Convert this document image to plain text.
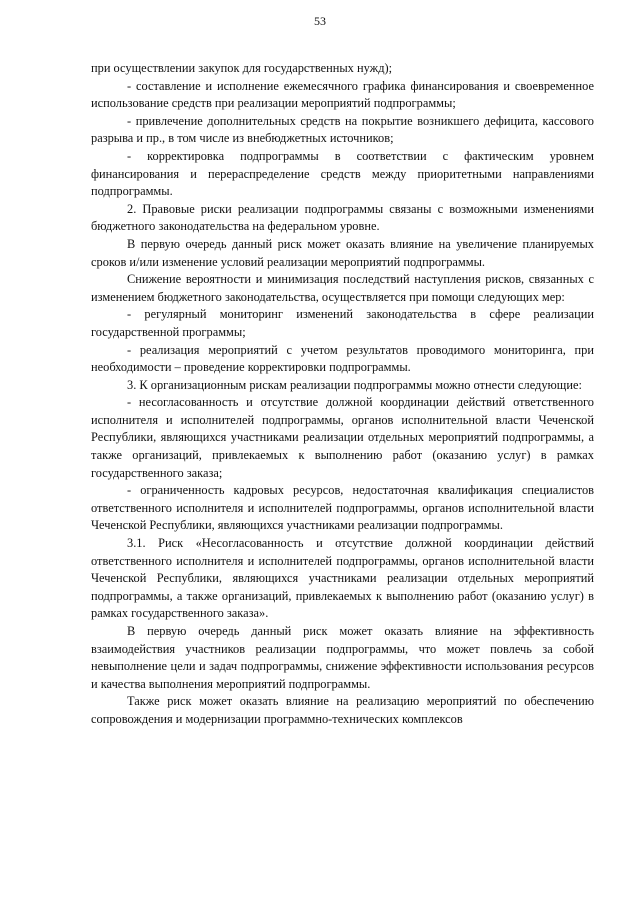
53

при осуществлении закупок для государственных нужд);

- составление и исполнение ежемесячного графика финансирования и своевременное использование средств при реализации мероприятий подпрограммы;

- привлечение дополнительных средств на покрытие возникшего дефицита, кассового разрыва и пр., в том числе из внебюджетных источников;

- корректировка подпрограммы в соответствии с фактическим уровнем финансирования и перераспределение средств между приоритетными направлениями подпрограммы.

2. Правовые риски реализации подпрограммы связаны с возможными изменениями бюджетного законодательства на федеральном уровне.

В первую очередь данный риск может оказать влияние на увеличение планируемых сроков и/или изменение условий реализации мероприятий подпрограммы.

Снижение вероятности и минимизация последствий наступления рисков, связанных с изменением бюджетного законодательства, осуществляется при помощи следующих мер:

- регулярный мониторинг изменений законодательства в сфере реализации государственной программы;

- реализация мероприятий с учетом результатов проводимого мониторинга, при необходимости – проведение корректировки подпрограммы.

3. К организационным рискам реализации подпрограммы можно отнести следующие:

- несогласованность и отсутствие должной координации действий ответственного исполнителя и исполнителей подпрограммы, органов исполнительной власти Чеченской Республики, являющихся участниками реализации отдельных мероприятий подпрограммы, а также организаций, привлекаемых к выполнению работ (оказанию услуг) в рамках государственного заказа;

- ограниченность кадровых ресурсов, недостаточная квалификация специалистов ответственного исполнителя и исполнителей подпрограммы, органов исполнительной власти Чеченской Республики, являющихся участниками реализации подпрограммы.

3.1. Риск «Несогласованность и отсутствие должной координации действий ответственного исполнителя и исполнителей подпрограммы, органов исполнительной власти Чеченской Республики, являющихся участниками реализации отдельных мероприятий подпрограммы, а также организаций, привлекаемых к выполнению работ (оказанию услуг) в рамках государственного заказа».

В первую очередь данный риск может оказать влияние на эффективность взаимодействия участников реализации подпрограммы, что может повлечь за собой невыполнение цели и задач подпрограммы, снижение эффективности использования ресурсов и качества выполнения мероприятий подпрограммы.

Также риск может оказать влияние на реализацию мероприятий по обеспечению сопровождения и модернизации программно-технических комплексов
